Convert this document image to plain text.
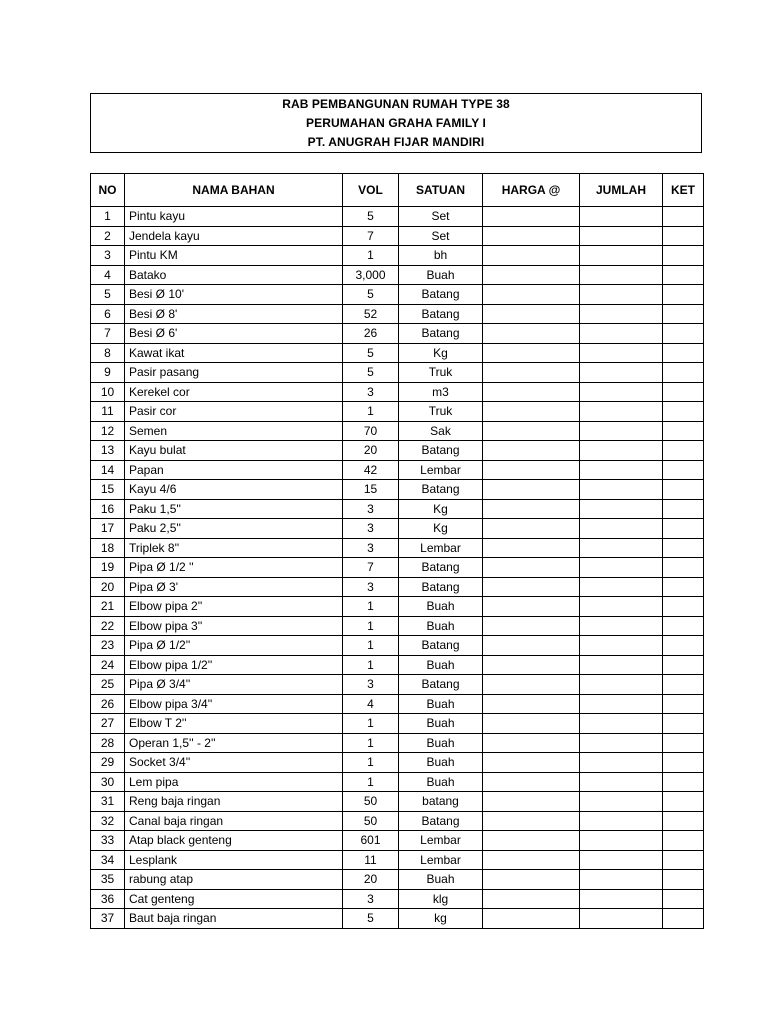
RAB PEMBANGUNAN RUMAH TYPE 38
PERUMAHAN GRAHA FAMILY I
PT. ANUGRAH FIJAR MANDIRI
NO	NAMA BAHAN	VOL	SATUAN	HARGA @	JUMLAH	KET
1	Pintu kayu	5	Set			
2	Jendela kayu	7	Set			
3	Pintu KM	1	bh			
4	Batako	3,000	Buah			
5	Besi Ø 10'	5	Batang			
6	Besi Ø 8'	52	Batang			
7	Besi Ø 6'	26	Batang			
8	Kawat ikat	5	Kg			
9	Pasir pasang	5	Truk			
10	Kerekel cor	3	m3			
11	Pasir cor	1	Truk			
12	Semen	70	Sak			
13	Kayu bulat	20	Batang			
14	Papan	42	Lembar			
15	Kayu 4/6	15	Batang			
16	Paku 1,5''	3	Kg			
17	Paku 2,5''	3	Kg			
18	Triplek 8''	3	Lembar			
19	Pipa Ø 1/2 ''	7	Batang			
20	Pipa Ø 3'	3	Batang			
21	Elbow pipa 2''	1	Buah			
22	Elbow pipa 3''	1	Buah			
23	Pipa Ø 1/2''	1	Batang			
24	Elbow pipa 1/2''	1	Buah			
25	Pipa Ø 3/4''	3	Batang			
26	Elbow pipa 3/4''	4	Buah			
27	Elbow T 2''	1	Buah			
28	Operan 1,5'' - 2''	1	Buah			
29	Socket 3/4''	1	Buah			
30	Lem pipa	1	Buah			
31	Reng baja ringan	50	batang			
32	Canal baja ringan	50	Batang			
33	Atap black genteng	601	Lembar			
34	Lesplank	11	Lembar			
35	rabung atap	20	Buah			
36	Cat genteng	3	klg			
37	Baut baja ringan	5	kg			
